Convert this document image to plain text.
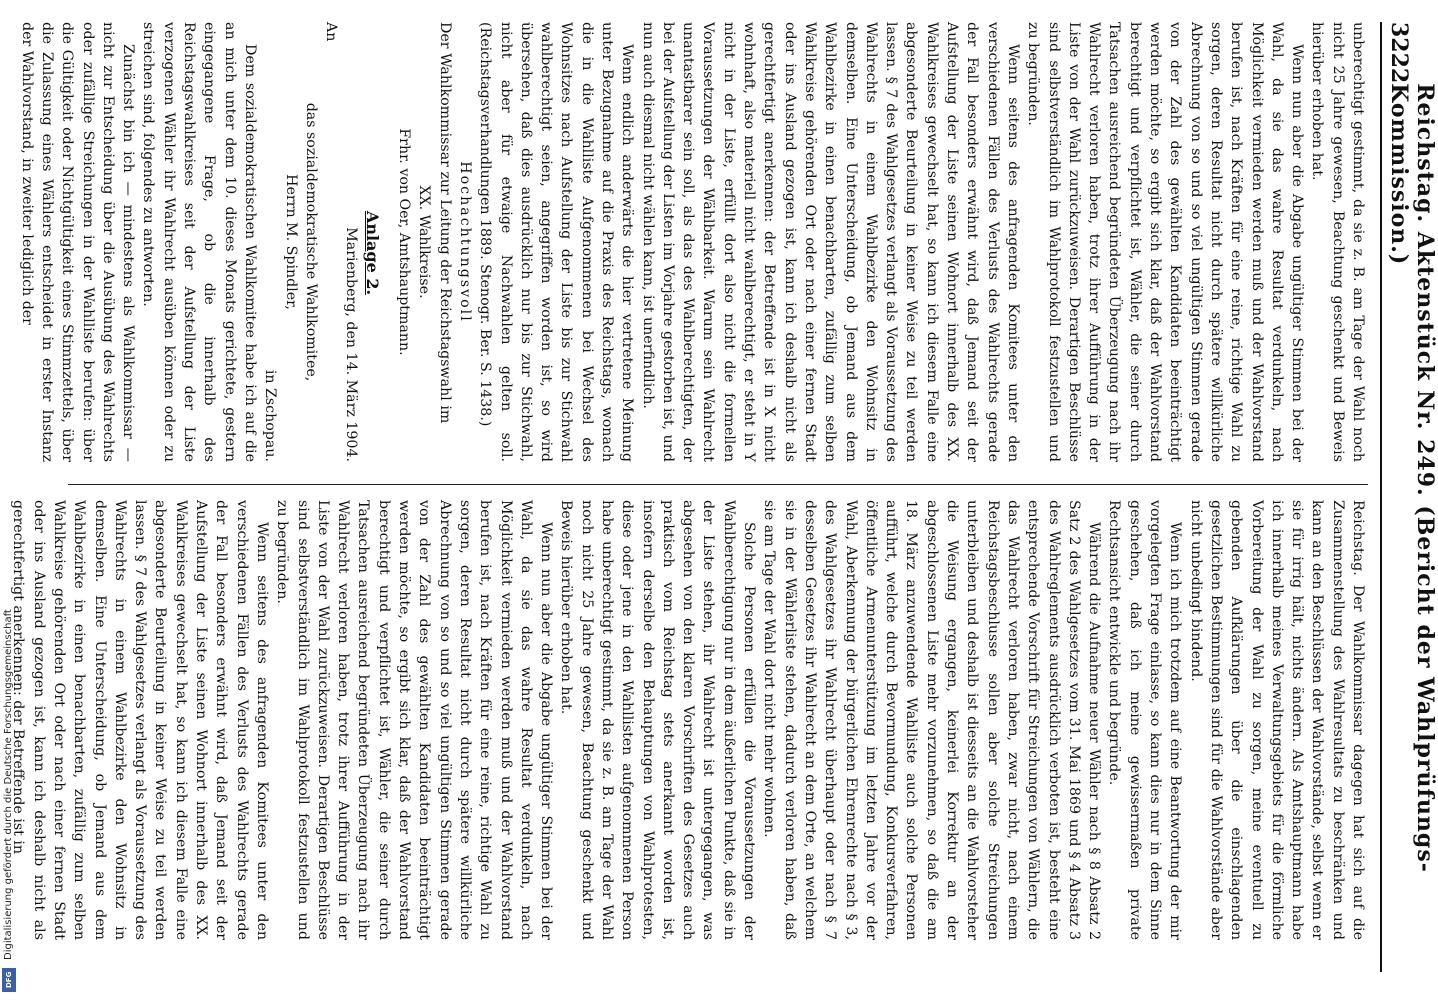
Digitalisierung gefördert durch die Deutsche Forschungsgemeinschaft
DFG
3222
Reichstag. Aktenstück Nr. 249. (Bericht der Wahlprüfungs-Kommission.)

unberechtigt gestimmt, da sie z. B. am Tage der Wahl noch nicht 25 Jahre gewesen, Beachtung geschenkt und Beweis hierüber erhoben hat.

Wenn nun aber die Abgabe ungültiger Stimmen bei der Wahl, da sie das wahre Resultat verdunkeln, nach Möglichkeit vermieden werden muß und der Wahlvorstand berufen ist, nach Kräften für eine reine, richtige Wahl zu sorgen, deren Resultat nicht durch spätere willkürliche Abrechnung von so und so viel ungültigen Stimmen gerade von der Zahl des gewählten Kandidaten beeinträchtigt werden möchte, so ergibt sich klar, daß der Wahlvorstand berechtigt und verpflichtet ist, Wähler, die seiner durch Tatsachen ausreichend begründeten Überzeugung nach ihr Wahlrecht verloren haben, trotz ihrer Aufführung in der Liste von der Wahl zurückzuweisen. Derartigen Beschlüsse sind selbstverständlich im Wahlprotokoll festzustellen und zu begründen.

Wenn seitens des anfragenden Komitees unter den verschiedenen Fällen des Verlusts des Wahlrechts gerade der Fall besonders erwähnt wird, daß Jemand seit der Aufstellung der Liste seinen Wohnort innerhalb des XX. Wahlkreises gewechselt hat, so kann ich diesem Falle eine abgesonderte Beurteilung in keiner Weise zu teil werden lassen. § 7 des Wahlgesetzes verlangt als Voraussetzung des Wahlrechts in einem Wahlbezirke den Wohnsitz in demselben. Eine Unterscheidung, ob Jemand aus dem Wahlbezirke in einen benachbarten, zufällig zum selben Wahlkreise gehörenden Ort oder nach einer fernen Stadt oder ins Ausland gezogen ist, kann ich deshalb nicht als gerechtfertigt anerkennen: der Betreffende ist in X nicht wohnhaft, also materiell nicht wahlberechtigt, er steht in Y nicht in der Liste, erfüllt dort also nicht die formellen Voraussetzungen der Wählbarkeit. Warum sein Wahlrecht unantastbarer sein soll, als das des Wahlberechtigten, der bei der Aufstellung der Listen im Vorjahre gestorben ist, und nun auch diesmal nicht wählen kann, ist unerfindlich.

Wenn endlich anderwärts die hier vertretene Meinung unter Bezugnahme auf die Praxis des Reichstags, wonach die in die Wahlliste Aufgenommenen bei Wechsel des Wohnsitzes nach Aufstellung der Liste bis zur Stichwahl wahlberechtigt seien, angegriffen worden ist, so wird übersehen, daß dies ausdrücklich nur bis zur Stichwahl, nicht aber für etwaige Nachwahlen gelten soll. (Reichstagsverhandlungen 1889. Stenogr. Ber. S. 1438.)

Hochachtungsvoll

Der Wahlkommissar zur Leitung der Reichstagswahl im

XX. Wahlkreise.

Frhr. von Oer, Amtshauptmann.

Anlage 2.

Marienberg, den 14. März 1904.

An

das sozialdemokratische Wahlkomitee,

Herrn M. Spindler,

in Zschopau.

Dem sozialdemokratischen Wahlkomitee habe ich auf die an mich unter dem 10. dieses Monats gerichtete, gestern eingegangene Frage, ob die innerhalb des Reichstagswahlkreises seit der Aufstellung der Liste verzogenen Wähler ihr Wahlrecht ausüben können oder zu streichen sind, folgendes zu antworten.

Zunächst bin ich — mindestens als Wahlkommissar — nicht zur Entscheidung über die Ausübung des Wahlrechts oder zufällige Streichungen in der Wahlliste berufen: über die Gültigkeit oder Nichtgültigkeit eines Stimmzettels, über die Zulassung eines Wählers entscheidet in erster Instanz der Wahlvorstand, in zweiter lediglich der

Reichstag. Der Wahlkommissar dagegen hat sich auf die Zusammenstellung des Wahlresultats zu beschränken und kann an den Beschlüssen der Wahlvorstände, selbst wenn er sie für irrig hält, nichts ändern. Als Amtshauptmann habe ich innerhalb meines Verwaltungsgebiets für die förmliche Vorbereitung der Wahl zu sorgen, meine eventuell zu gebenden Aufklärungen über die einschlagenden gesetzlichen Bestimmungen sind für die Wahlvorstände aber nicht unbedingt bindend.

Wenn ich mich trotzdem auf eine Beantwortung der mir vorgelegten Frage einlasse, so kann dies nur in dem Sinne geschehen, daß ich meine gewissermaßen private Rechtsansicht entwickle und begründe.

Während die Aufnahme neuer Wähler nach § 8 Absatz 2 Satz 2 des Wahlgesetzes vom 31. Mai 1869 und § 4 Absatz 3 des Wahlreglements ausdrücklich verboten ist, besteht eine entsprechende Vorschrift für Streichungen von Wählern, die das Wahlrecht verloren haben, zwar nicht, nach einem Reichstagsbeschlusse sollen aber solche Streichungen unterbleiben und deshalb ist diesseits an die Wahlvorsteher die Weisung ergangen, keinerlei Korrektur an der abgeschlossenen Liste mehr vorzunehmen, so daß die am 18. März anzuwendende Wahlliste auch solche Personen aufführt, welche durch Bevormundung, Konkursverfahren, öffentliche Armenunterstützung im letzten Jahre vor der Wahl, Aberkennung der bürgerlichen Ehrenrechte nach § 3, des Wahlgesetzes ihr Wahlrecht überhaupt oder nach § 7 desselben Gesetzes ihr Wahlrecht an dem Orte, an welchem sie in der Wählerliste stehen, dadurch verloren haben, daß sie am Tage der Wahl dort nicht mehr wohnen.

Solche Personen erfüllen die Voraussetzungen der Wahlberechtigung nur in dem äußerlichen Punkte, daß sie in der Liste stehen, ihr Wahlrecht ist untergegangen, was abgesehen von den klaren Vorschriften des Gesetzes auch praktisch vom Reichstag stets anerkannt worden ist, insofern derselbe den Behauptungen von Wahlprotesten, diese oder jene in den Wahllisten aufgenommenen Person habe unberechtigt gestimmt, da sie z. B. am Tage der Wahl noch nicht 25 Jahre gewesen, Beachtung geschenkt und Beweis hierüber erhoben hat.

Wenn nun aber die Abgabe ungültiger Stimmen bei der Wahl, da sie das wahre Resultat verdunkeln, nach Möglichkeit vermieden werden muß und der Wahlvorstand berufen ist, nach Kräften für eine reine, richtige Wahl zu sorgen, deren Resultat nicht durch spätere willkürliche Abrechnung von so und so viel ungültigen Stimmen gerade von der Zahl des gewählten Kandidaten beeinträchtigt werden möchte, so ergibt sich klar, daß der Wahlvorstand berechtigt und verpflichtet ist, Wähler, die seiner durch Tatsachen ausreichend begründeten Überzeugung nach ihr Wahlrecht verloren haben, trotz ihrer Aufführung in der Liste von der Wahl zurückzuweisen. Derartigen Beschlüsse sind selbstverständlich im Wahlprotokoll festzustellen und zu begründen.

Wenn seitens des anfragenden Komitees unter den verschiedenen Fällen des Verlusts des Wahlrechts gerade der Fall besonders erwähnt wird, daß Jemand seit der Aufstellung der Liste seinen Wohnort innerhalb des XX. Wahlkreises gewechselt hat, so kann ich diesem Falle eine abgesonderte Beurteilung in keiner Weise zu teil werden lassen. § 7 des Wahlgesetzes verlangt als Voraussetzung des Wahlrechts in einem Wahlbezirke den Wohnsitz in demselben. Eine Unterscheidung, ob Jemand aus dem Wahlbezirke in einen benachbarten, zufällig zum selben Wahlkreise gehörenden Ort oder nach einer fernen Stadt oder ins Ausland gezogen ist, kann ich deshalb nicht als gerechtfertigt anerkennen: der Betreffende ist in
